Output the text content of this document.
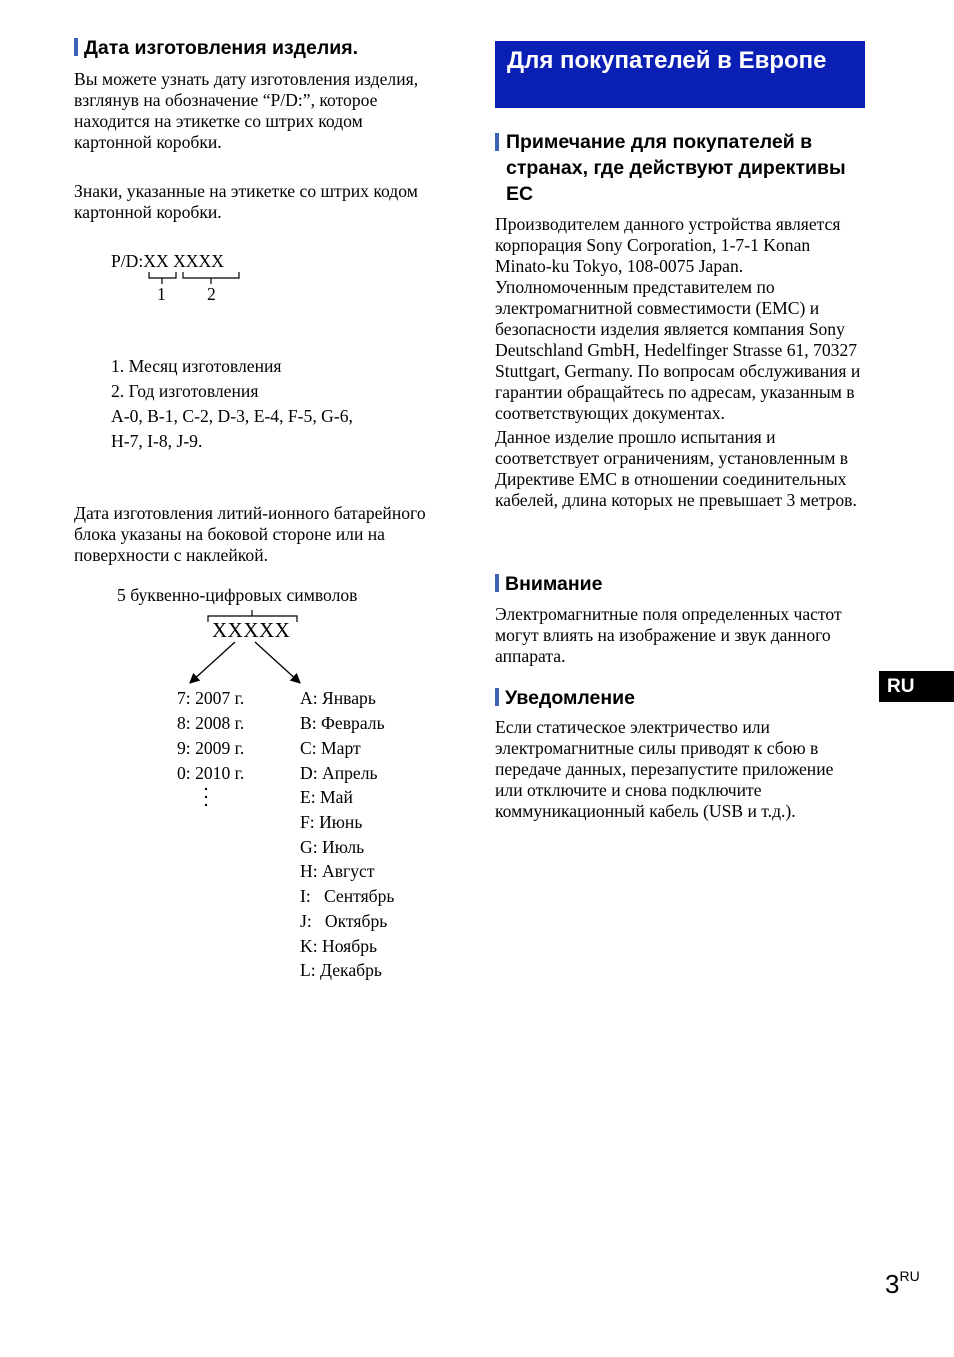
Дата изготовления изделия.

Вы можете узнать дату изготовления изделия, взглянув на обозначение “P/D:”, которое находится на этикетке со штрих кодом картонной коробки.

Знаки, указанные на этикетке со штрих кодом картонной коробки.

P/D:XX XXXX
1 2
1. Месяц изготовления
2. Год изготовления
A-0, B-1, C-2, D-3, E-4, F-5, G-6,
H-7, I-8, J-9.

Дата изготовления литий-ионного батарейного блока указаны на боковой стороне или на поверхности с наклейкой.

5 буквенно-цифровых символов
XXXXX
7: 2007 г.
8: 2008 г.
9: 2009 г.
0: 2010 г.
A: Январь
B: Февраль
C: Март
D: Апрель
E: Май
F: Июнь
G: Июль
H: Август
I:   Сентябрь
J:   Октябрь
K: Ноябрь
L: Декабрь
Для покупателей в Европе
Примечание для покупателей в странах, где действуют директивы ЕС

Производителем данного устройства является корпорация Sony Corporation, 1-7-1 Konan Minato-ku Tokyo, 108-0075 Japan. Уполномоченным представителем по электромагнитной совместимости (EMC) и безопасности изделия является компания Sony Deutschland GmbH, Hedelfinger Strasse 61, 70327 Stuttgart, Germany. По вопросам обслуживания и гарантии обращайтесь по адресам, указанным в соответствующих документах.

Данное изделие прошло испытания и соответствует ограничениям, установленным в Директиве EMC в отношении соединительных кабелей, длина которых не превышает 3 метров.

Внимание

Электромагнитные поля определенных частот могут влиять на изображение и звук данного аппарата.

Уведомление

Если статическое электричество или электромагнитные силы приводят к сбою в передаче данных, перезапустите приложение или отключите и снова подключите коммуникационный кабель (USB и т.д.).

RU
$3^{RU}$
